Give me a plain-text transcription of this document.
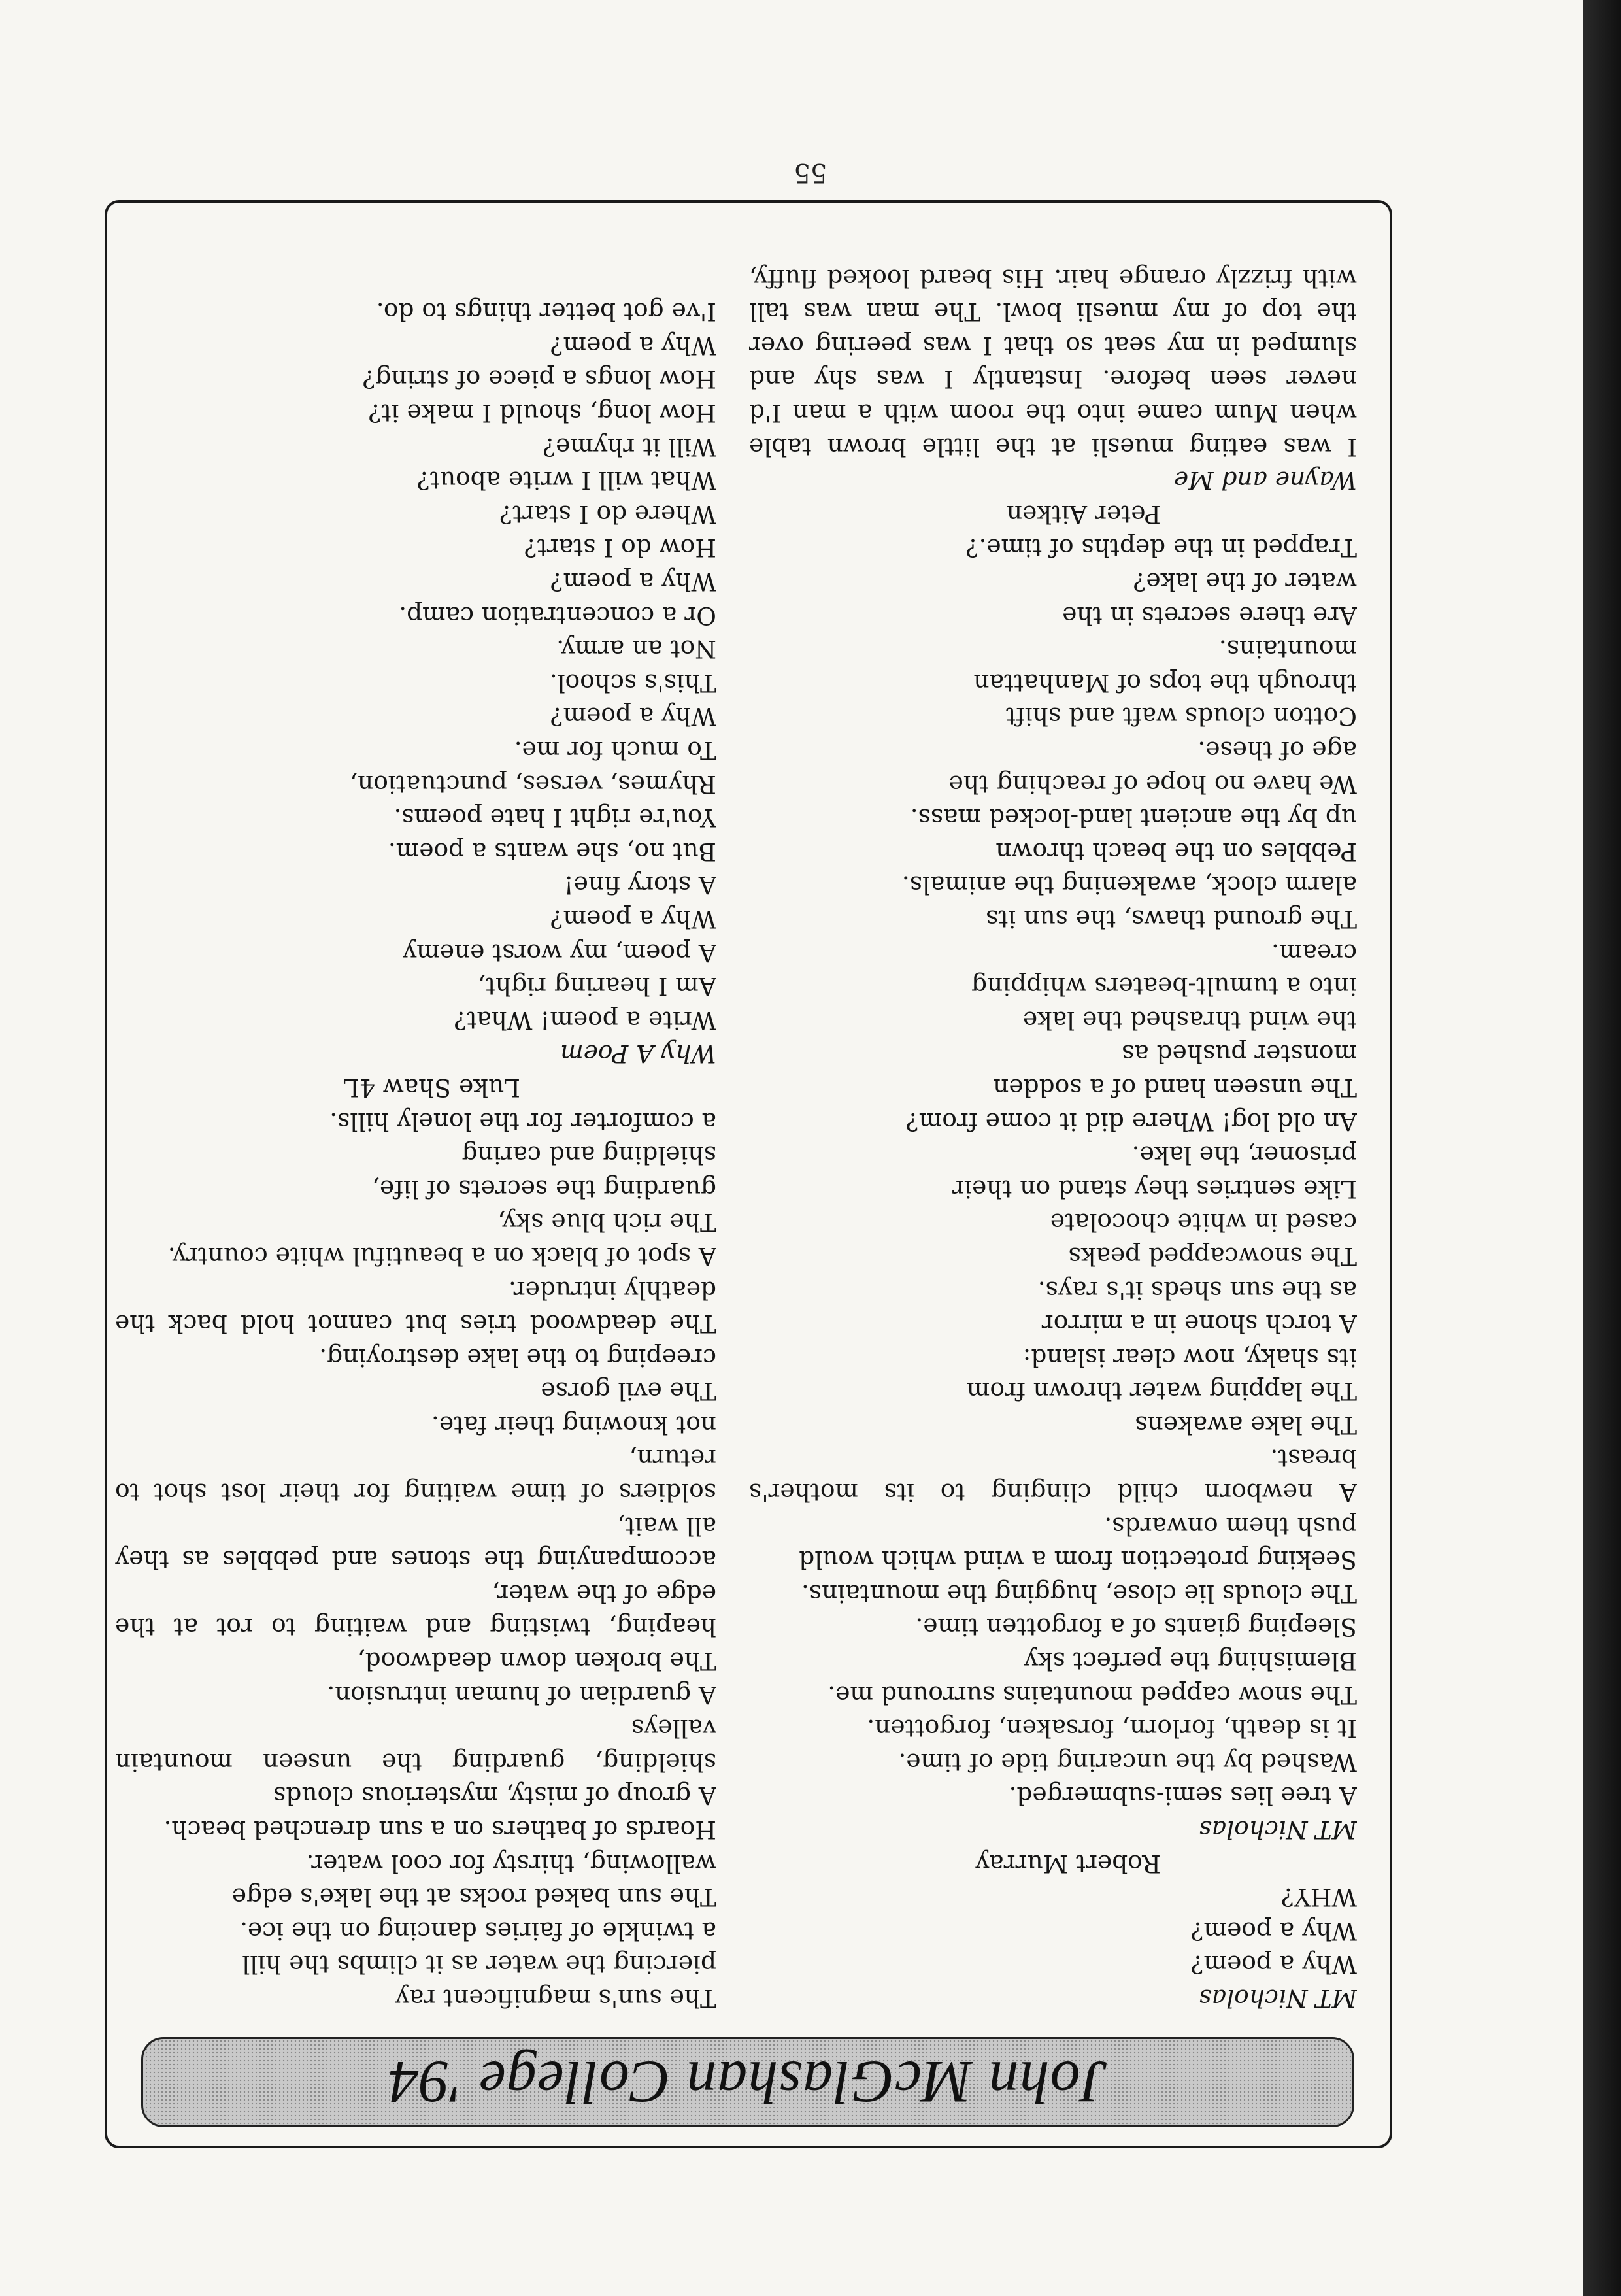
John McGlashan College '94
MT Nicholas
Why a poem?
Why a poem?
WHY?
Robert Murray
MT Nicholas
A tree lies semi-submerged.
Washed by the uncaring tide of time.
It is death, forlorn, forsaken, forgotten.
The snow capped mountains surround me.
Blemishing the perfect sky
Sleeping giants of a forgotten time.
The clouds lie close, hugging the mountains.
Seeking protection from a wind which would
push them onwards.
A newborn child clinging to its mother's
breast.
The lake awakens
The lapping water thrown from
its shaky, now clear island:
A torch shone in a mirror
as the sun sheds it's rays.
The snowcapped peaks
cased in white chocolate
Like sentries they stand on their
prisoner, the lake.
An old log! Where did it come from?
The unseen hand of a sodden
monster pushed as
the wind thrashed the lake
into a tumult-beaters whipping
cream.
The ground thaws, the sun its
alarm clock, awakening the animals.
Pebbles on the beach thrown
up by the ancient land-locked mass.
We have no hope of reaching the
age of these.
Cotton clouds waft and shift
through the tops of Manhattan
mountains.
Are there secrets in the
water of the lake?
Trapped in the depths of time.?
Peter Aitken
Wayne and Me
I was eating muesli at the little brown table
when Mum came into the room with a man I'd
never seen before. Instantly I was shy and
slumped in my seat so that I was peering over
the top of my muesli bowl. The man was tall
with frizzly orange hair. His beard looked fluffy,
The sun's magnificent ray
piercing the water as it climbs the hill
a twinkle of fairies dancing on the ice.
The sun baked rocks at the lake's edge
wallowing, thirsty for cool water.
Hoards of bathers on a sun drenched beach.
A group of misty, mysterious clouds
shielding, guarding the unseen mountain
valleys
A guardian of human intrusion.
The broken down deadwood,
heaping, twisting and waiting to rot at the
edge of the water,
accompanying the stones and pebbles as they
all wait,
soldiers of time waiting for their lost shot to
return,
not knowing their fate.
The evil gorse
creeping to the lake destroying.
The deadwood tries but cannot hold back the
deathly intruder.
A spot of black on a beautiful white country.
The rich blue sky,
guarding the secrets of life,
shielding and caring
a comforter for the lonely hills.
Luke Shaw 4L
Why A Poem
Write a poem! What?
Am I hearing right,
A poem, my worst enemy
Why a poem?
A story fine!
But no, she wants a poem.
You're right I hate poems.
Rhymes, verses, punctuation,
To much for me.
Why a poem?
This's school.
Not an army.
Or a concentration camp.
Why a poem?
How do I start?
Where do I start?
What will I write about?
Will it rhyme?
How long, should I make it?
How longs a piece of string?
Why a poem?
I've got better things to do.
55
